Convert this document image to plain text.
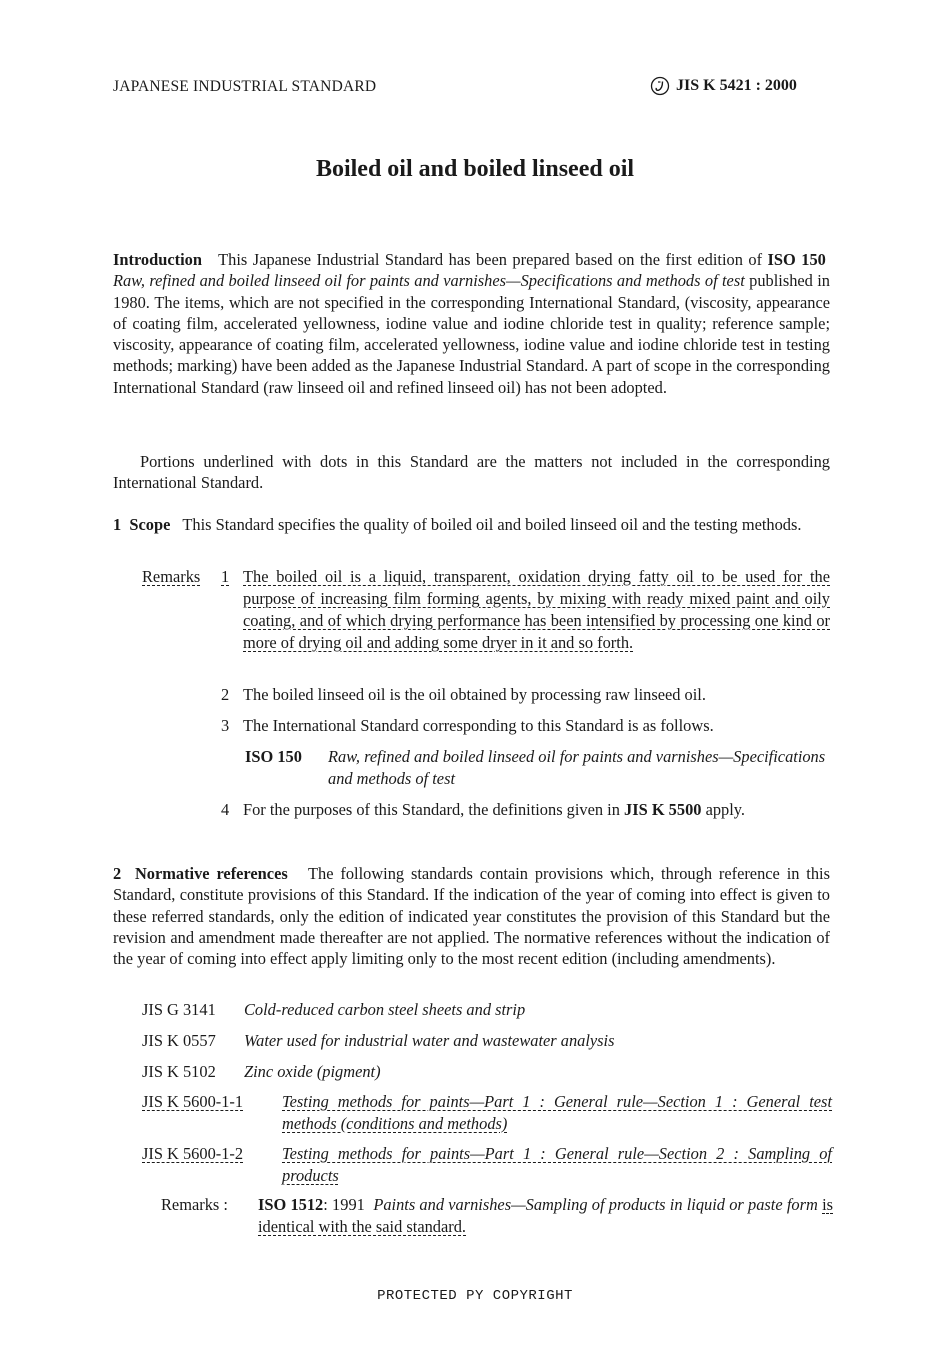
JAPANESE INDUSTRIAL STANDARD	JIS K 5421 : 2000
Boiled oil and boiled linseed oil
Introduction This Japanese Industrial Standard has been prepared based on the first edition of ISO 150  Raw, refined and boiled linseed oil for paints and varnishes—Specifications and methods of test published in 1980. The items, which are not specified in the corresponding International Standard, (viscosity, appearance of coating film, accelerated yellowness, iodine value and iodine chloride test in quality; reference sample; viscosity, appearance of coating film, accelerated yellowness, iodine value and iodine chloride test in testing methods; marking) have been added as the Japanese Industrial Standard. A part of scope in the corresponding International Standard (raw linseed oil and refined linseed oil) has not been adopted.
Portions underlined with dots in this Standard are the matters not included in the corresponding International Standard.
1 Scope This Standard specifies the quality of boiled oil and boiled linseed oil and the testing methods.
Remarks 1 The boiled oil is a liquid, transparent, oxidation drying fatty oil to be used for the purpose of increasing film forming agents, by mixing with ready mixed paint and oily coating, and of which drying performance has been intensified by processing one kind or more of drying oil and adding some dryer in it and so forth.
2 The boiled linseed oil is the oil obtained by processing raw linseed oil.
3 The International Standard corresponding to this Standard is as follows.
ISO 150 Raw, refined and boiled linseed oil for paints and varnishes—Specifications and methods of test
4 For the purposes of this Standard, the definitions given in JIS K 5500 apply.
2 Normative references The following standards contain provisions which, through reference in this Standard, constitute provisions of this Standard. If the indication of the year of coming into effect is given to these referred standards, only the edition of indicated year constitutes the provision of this Standard but the revision and amendment made thereafter are not applied. The normative references without the indication of the year of coming into effect apply limiting only to the most recent edition (including amendments).
JIS G 3141 Cold-reduced carbon steel sheets and strip
JIS K 0557 Water used for industrial water and wastewater analysis
JIS K 5102 Zinc oxide (pigment)
JIS K 5600-1-1 Testing methods for paints—Part 1 : General rule—Section 1 : General test methods (conditions and methods)
JIS K 5600-1-2 Testing methods for paints—Part 1 : General rule—Section 2 : Sampling of products
Remarks : ISO 1512: 1991 Paints and varnishes—Sampling of products in liquid or paste form is identical with the said standard.
PROTECTED PY COPYRIGHT
